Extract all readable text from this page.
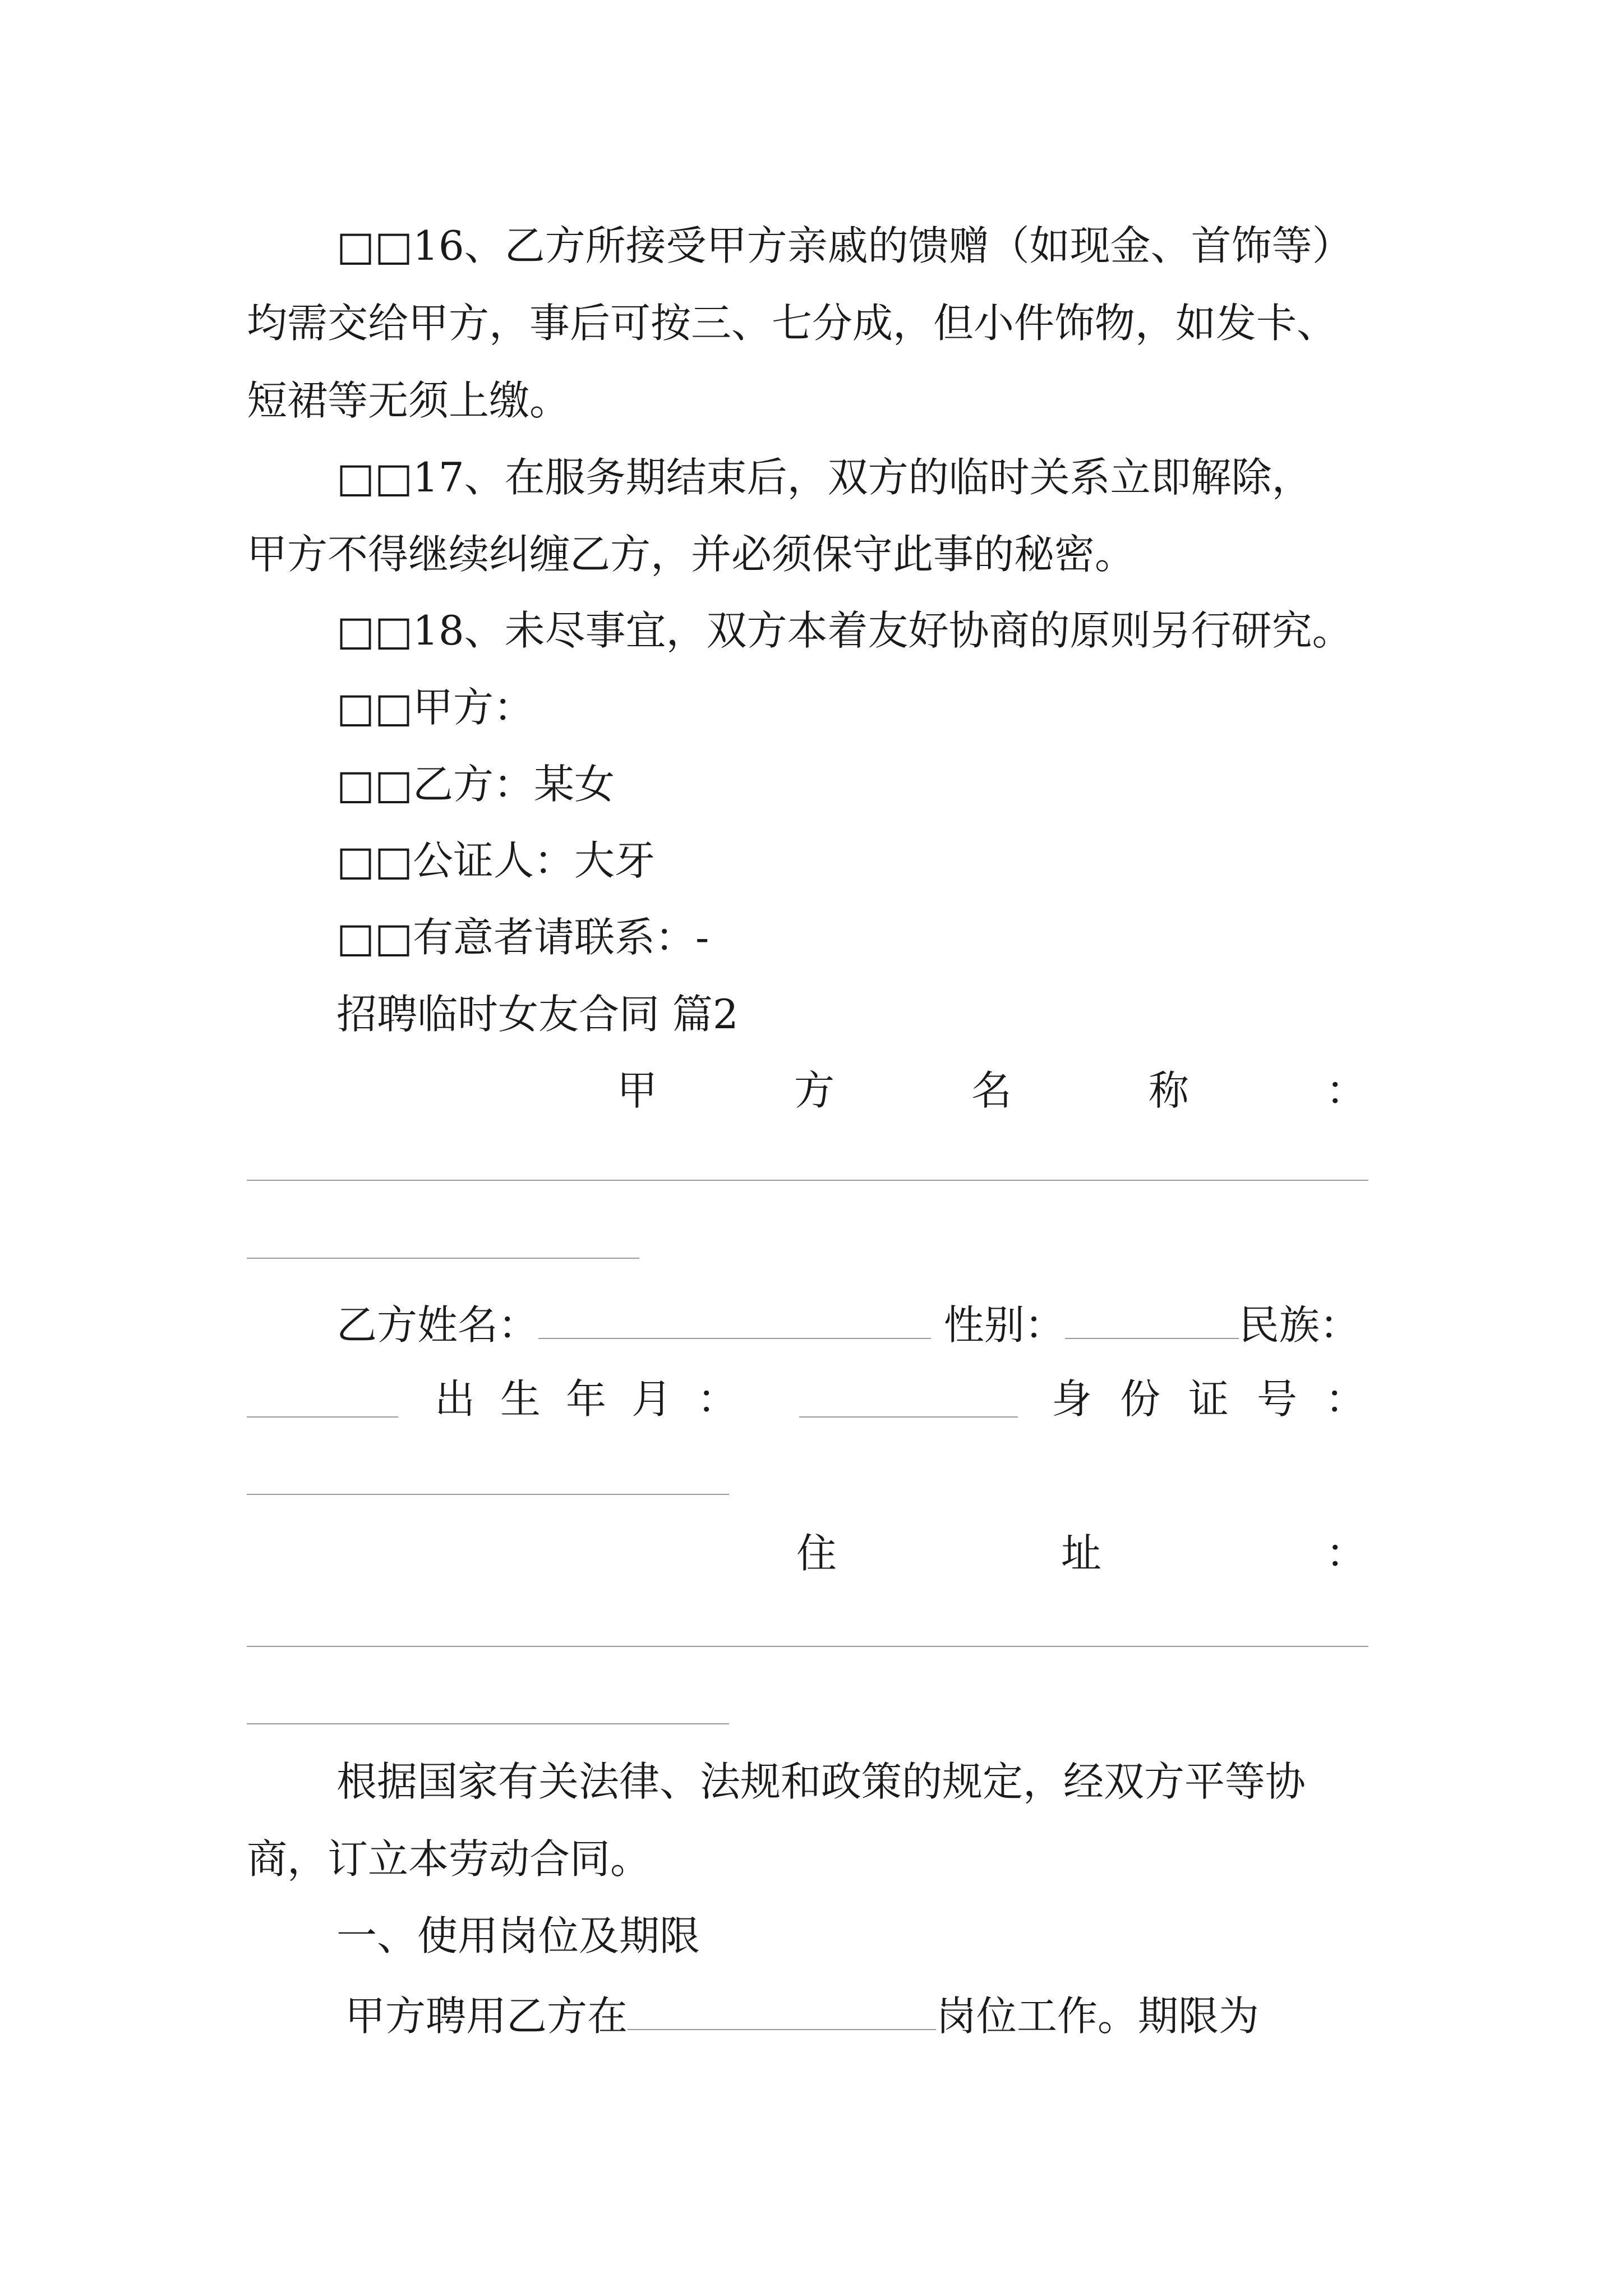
□□16、乙方所接受甲方亲戚的馈赠（如现金、首饰等）
均需交给甲方，事后可按三、七分成，但小件饰物，如发卡、
短裙等无须上缴。
□□17、在服务期结束后，双方的临时关系立即解除，
甲方不得继续纠缠乙方，并必须保守此事的秘密。
□□18、未尽事宜，双方本着友好协商的原则另行研究。
□□甲方：
□□乙方：某女
□□公证人：大牙
□□有意者请联系：-
招聘临时女友合同 篇2
甲	方	名	称	：
乙方姓名：	性别：	民族：
出 生 年 月 ：	身 份 证 号 ：
住	址	：
根据国家有关法律、法规和政策的规定，经双方平等协
商，订立本劳动合同。
一、使用岗位及期限
甲方聘用乙方在	岗位工作。期限为
